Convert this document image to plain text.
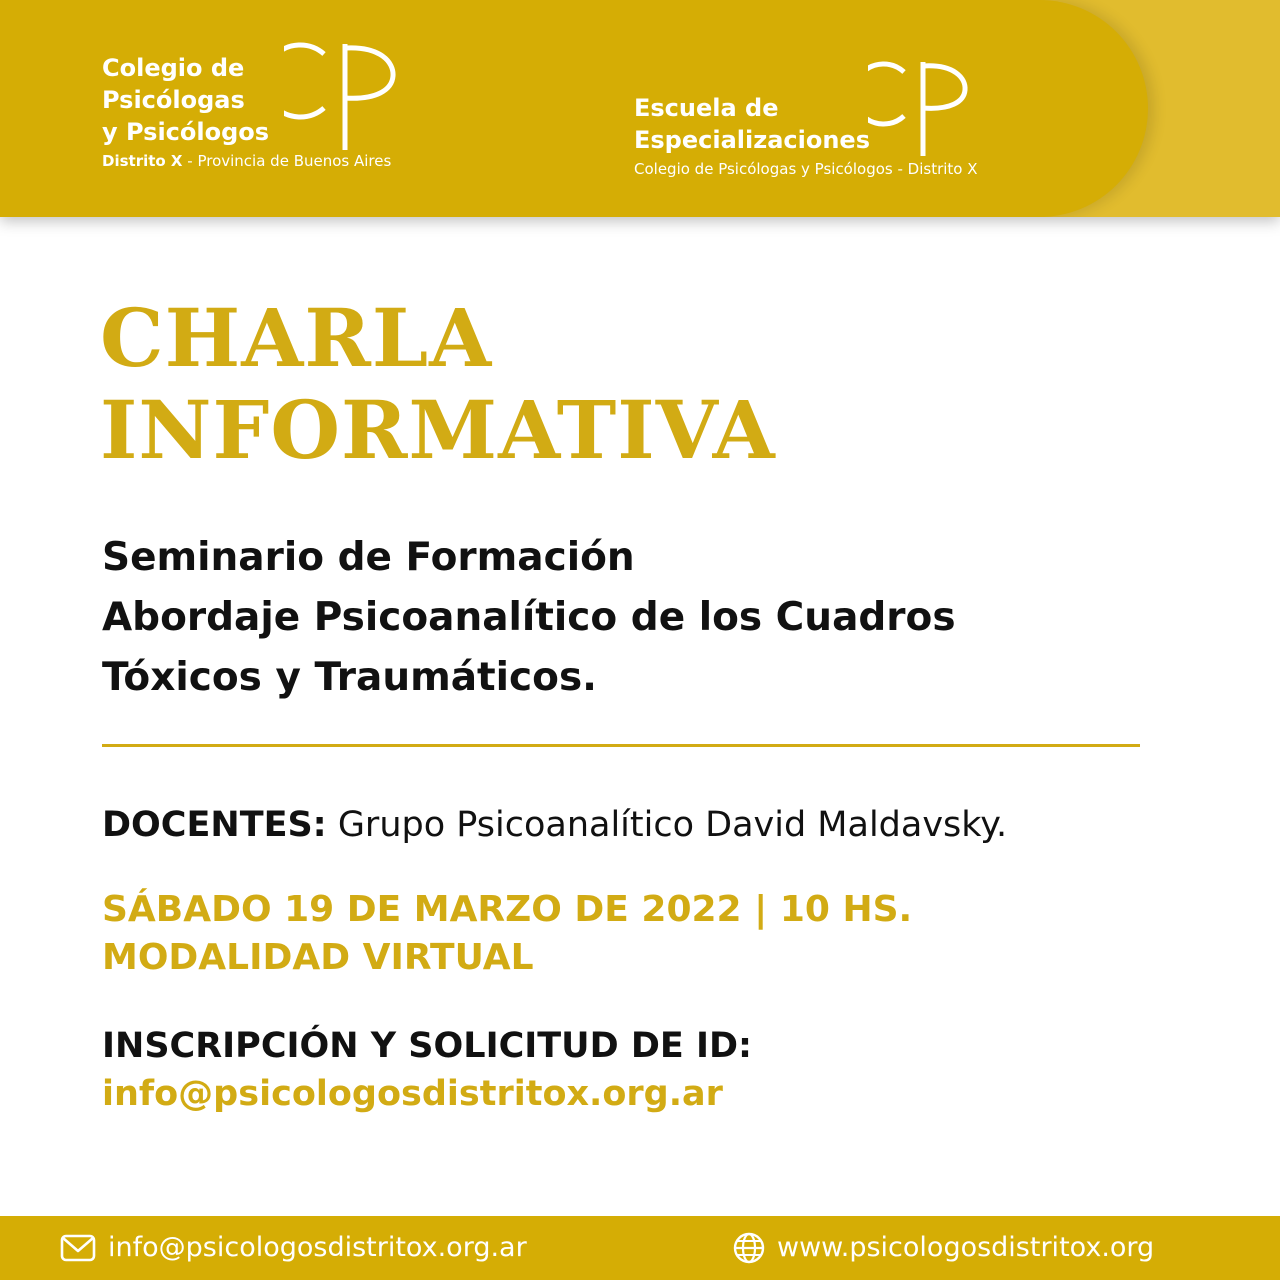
Colegio de
Psicólogas
y Psicólogos
Distrito X - Provincia de Buenos Aires
Escuela de
Especializaciones
Colegio de Psicólogas y Psicólogos - Distrito X
CHARLA
INFORMATIVA
Seminario de Formación
Abordaje Psicoanalítico de los Cuadros
Tóxicos y Traumáticos.
DOCENTES: Grupo Psicoanalítico David Maldavsky.
SÁBADO 19 DE MARZO DE 2022 | 10 HS.
MODALIDAD VIRTUAL
INSCRIPCIÓN Y SOLICITUD DE ID:
info@psicologosdistritox.org.ar
info@psicologosdistritox.org.ar	www.psicologosdistritox.org
